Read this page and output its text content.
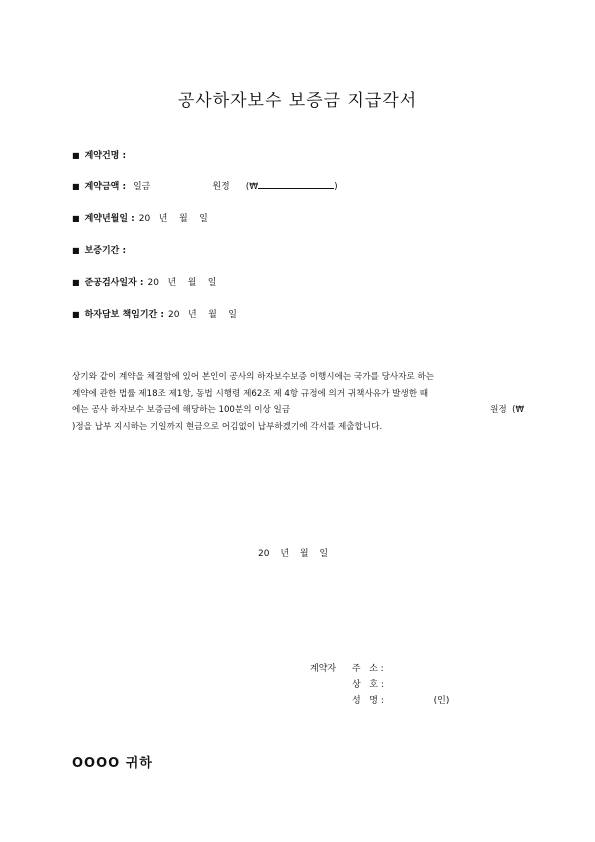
공사하자보수 보증금 지급각서
■ 계약건명 :
■ 계약금액 : 일금	원정 (₩	)
■ 계약년월일 : 20   년    월    일
■ 보증기간 :
■ 준공검사일자 : 20   년    월    일
■ 하자담보 책임기간 : 20   년    월    일
상기와 같이 계약을 체결함에 있어 본인이 공사의 하자보수보증 이행시에는 국가를 당사자로 하는
계약에 관한 법률 제18조 제1항, 동법 시행령 제62조 제 4항 규정에 의거 귀책사유가 발생한 때
에는 공사 하자보수 보증금에 해당하는 100분의 이상 일금	원정  (₩
)정을 납부 지시하는 기일까지 현금으로 어김없이 납부하겠기에 각서를 제출합니다.
20 년 월 일
계약자 주   소 :
상   호 :
성   명 :	(인)
OOOO 귀하
